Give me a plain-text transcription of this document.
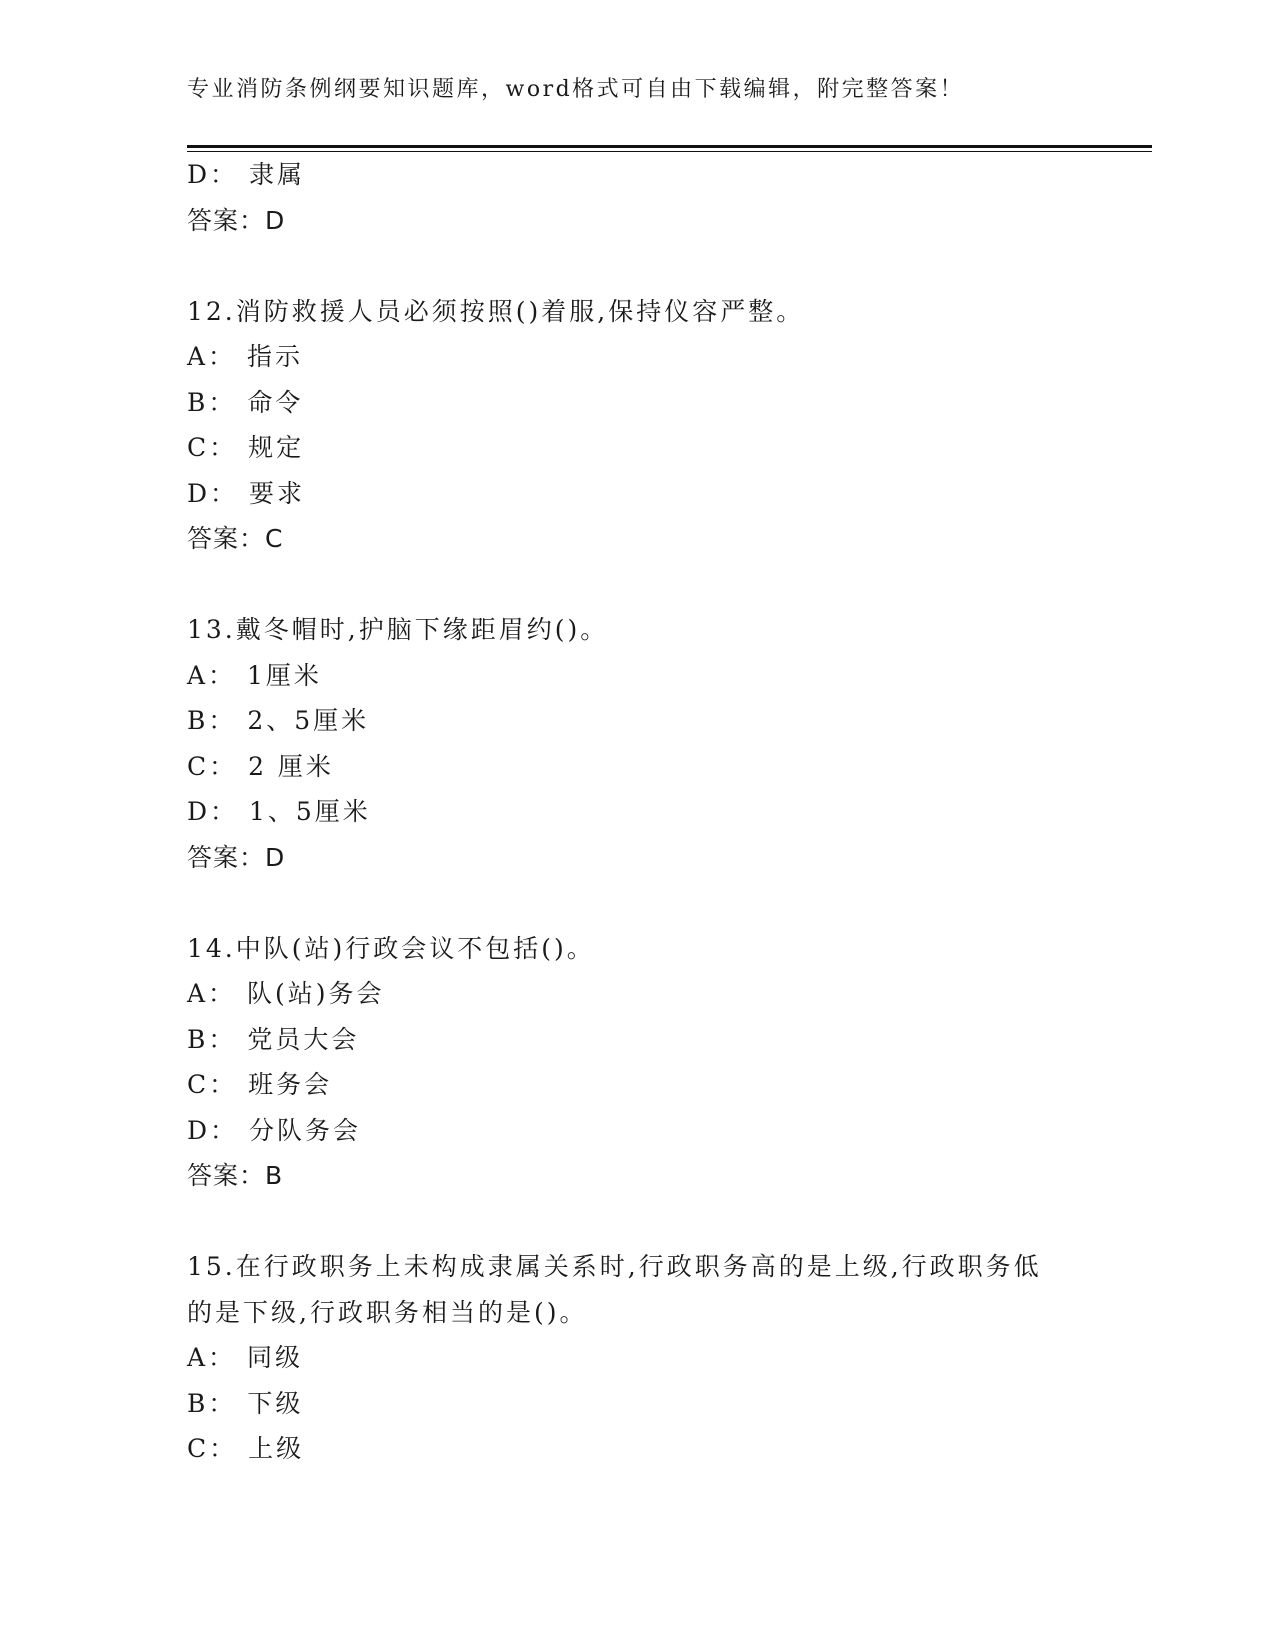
专业消防条例纲要知识题库，word格式可自由下载编辑，附完整答案！
D： 隶属
答案：D
12.消防救援人员必须按照()着服,保持仪容严整。
A： 指示
B： 命令
C： 规定
D： 要求
答案：C
13.戴冬帽时,护脑下缘距眉约()。
A： 1厘米
B： 2、5厘米
C： 2 厘米
D： 1、5厘米
答案：D
14.中队(站)行政会议不包括()。
A： 队(站)务会
B： 党员大会
C： 班务会
D： 分队务会
答案：B
15.在行政职务上未构成隶属关系时,行政职务高的是上级,行政职务低
的是下级,行政职务相当的是()。
A： 同级
B： 下级
C： 上级
